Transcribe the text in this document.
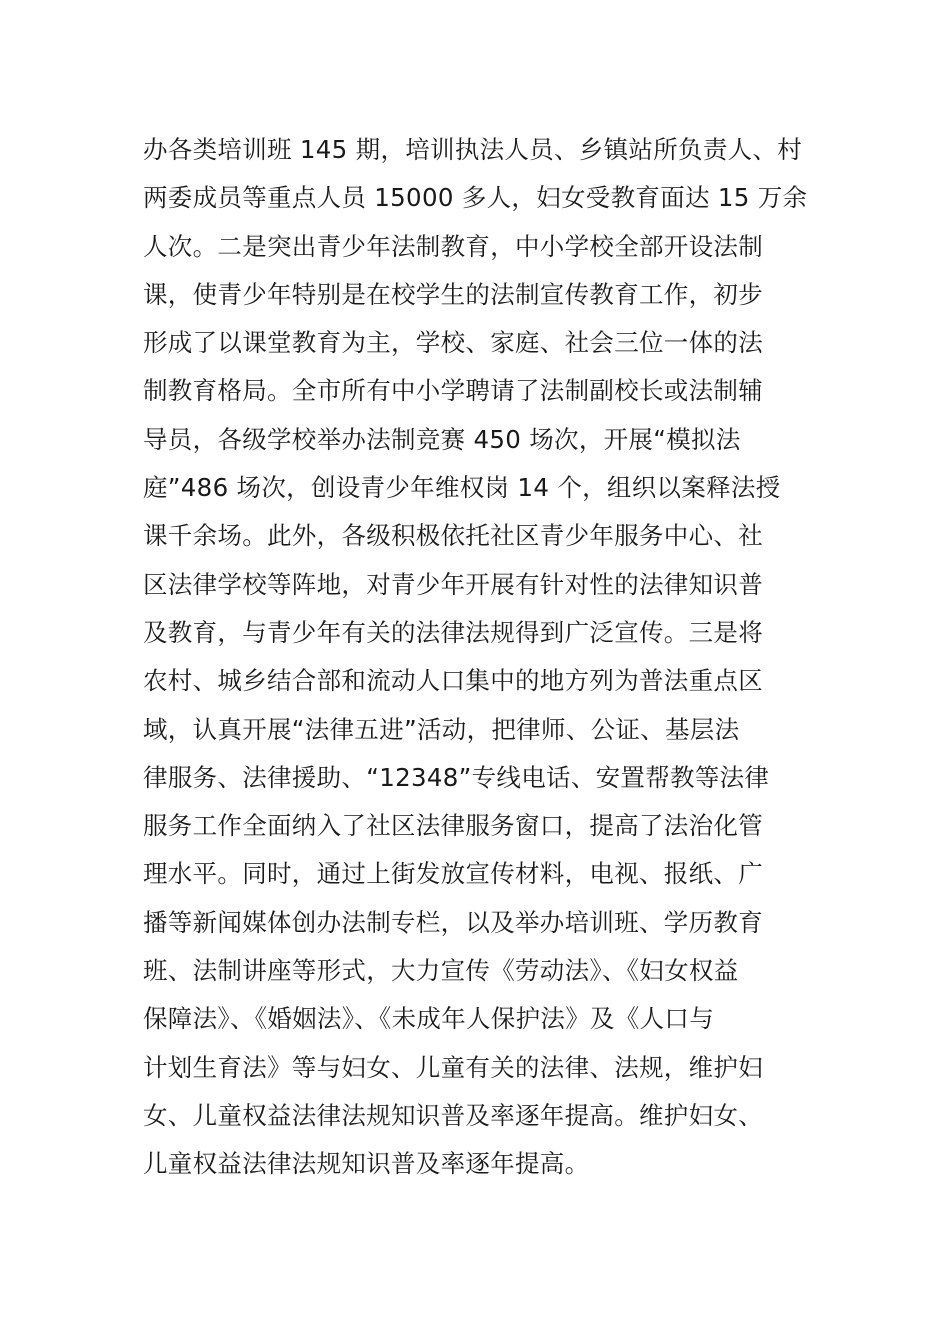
办各类培训班 145 期，培训执法人员、乡镇站所负责人、村
两委成员等重点人员 15000 多人，妇女受教育面达 15 万余
人次。二是突出青少年法制教育，中小学校全部开设法制
课，使青少年特别是在校学生的法制宣传教育工作，初步
形成了以课堂教育为主，学校、家庭、社会三位一体的法
制教育格局。全市所有中小学聘请了法制副校长或法制辅
导员，各级学校举办法制竞赛 450 场次，开展“模拟法
庭”486 场次，创设青少年维权岗 14 个，组织以案释法授
课千余场。此外，各级积极依托社区青少年服务中心、社
区法律学校等阵地，对青少年开展有针对性的法律知识普
及教育，与青少年有关的法律法规得到广泛宣传。三是将
农村、城乡结合部和流动人口集中的地方列为普法重点区
域，认真开展“法律五进”活动，把律师、公证、基层法
律服务、法律援助、“12348”专线电话、安置帮教等法律
服务工作全面纳入了社区法律服务窗口，提高了法治化管
理水平。同时，通过上街发放宣传材料，电视、报纸、广
播等新闻媒体创办法制专栏，以及举办培训班、学历教育
班、法制讲座等形式，大力宣传《劳动法》、《妇女权益
保障法》、《婚姻法》、《未成年人保护法》及《人口与
计划生育法》等与妇女、儿童有关的法律、法规，维护妇
女、儿童权益法律法规知识普及率逐年提高。维护妇女、
儿童权益法律法规知识普及率逐年提高。
